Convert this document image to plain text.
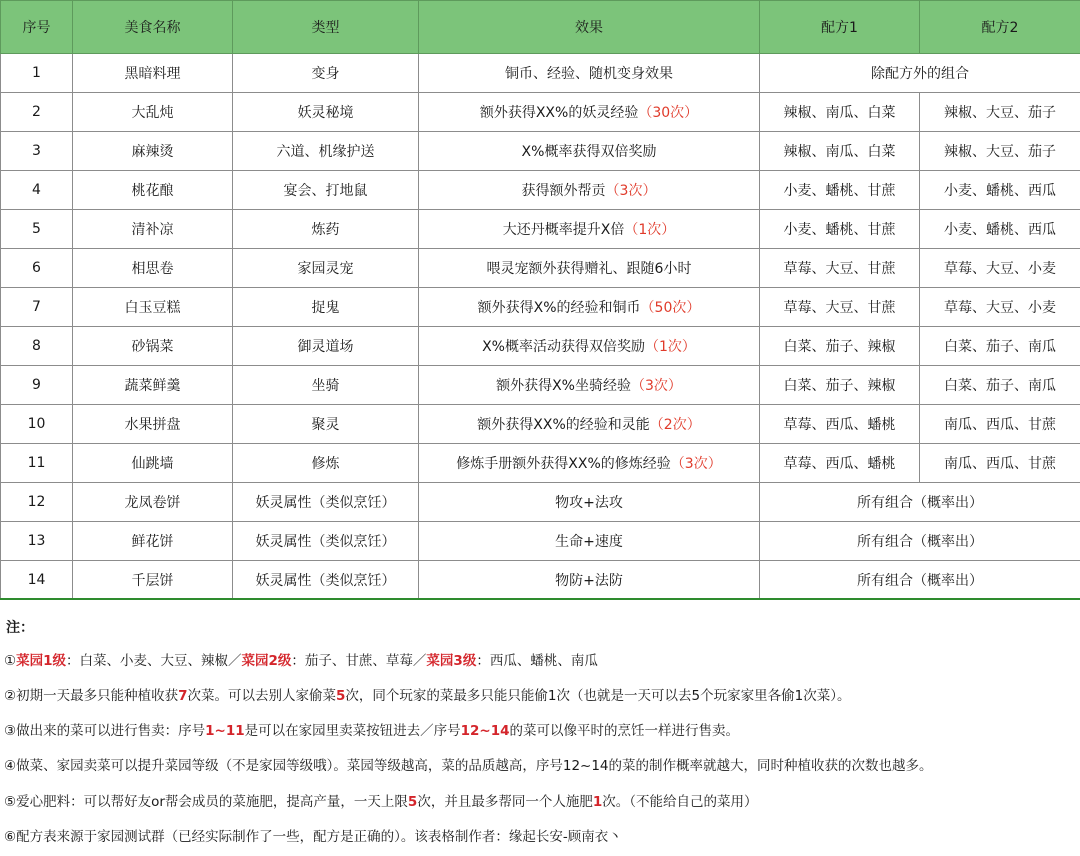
序号	美食名称	类型	效果	配方1	配方2
1	黑暗料理	变身	铜币、经验、随机变身效果	除配方外的组合	
2	大乱炖	妖灵秘境	额外获得XX%的妖灵经验（30次）	辣椒、南瓜、白菜	辣椒、大豆、茄子
3	麻辣烫	六道、机缘护送	X%概率获得双倍奖励	辣椒、南瓜、白菜	辣椒、大豆、茄子
4	桃花酿	宴会、打地鼠	获得额外帮贡（3次）	小麦、蟠桃、甘蔗	小麦、蟠桃、西瓜
5	清补凉	炼药	大还丹概率提升X倍（1次）	小麦、蟠桃、甘蔗	小麦、蟠桃、西瓜
6	相思卷	家园灵宠	喂灵宠额外获得赠礼、跟随6小时	草莓、大豆、甘蔗	草莓、大豆、小麦
7	白玉豆糕	捉鬼	额外获得X%的经验和铜币（50次）	草莓、大豆、甘蔗	草莓、大豆、小麦
8	砂锅菜	御灵道场	X%概率活动获得双倍奖励（1次）	白菜、茄子、辣椒	白菜、茄子、南瓜
9	蔬菜鲜羹	坐骑	额外获得X%坐骑经验（3次）	白菜、茄子、辣椒	白菜、茄子、南瓜
10	水果拼盘	聚灵	额外获得XX%的经验和灵能（2次）	草莓、西瓜、蟠桃	南瓜、西瓜、甘蔗
11	仙跳墙	修炼	修炼手册额外获得XX%的修炼经验（3次）	草莓、西瓜、蟠桃	南瓜、西瓜、甘蔗
12	龙凤卷饼	妖灵属性（类似烹饪）	物攻+法攻	所有组合（概率出）	
13	鲜花饼	妖灵属性（类似烹饪）	生命+速度	所有组合（概率出）	
14	千层饼	妖灵属性（类似烹饪）	物防+法防	所有组合（概率出）	
注：
①菜园1级：白菜、小麦、大豆、辣椒／菜园2级：茄子、甘蔗、草莓／菜园3级：西瓜、蟠桃、南瓜
②初期一天最多只能种植收获7次菜。可以去别人家偷菜5次，同个玩家的菜最多只能只能偷1次（也就是一天可以去5个玩家家里各偷1次菜）。
③做出来的菜可以进行售卖：序号1~11是可以在家园里卖菜按钮进去／序号12~14的菜可以像平时的烹饪一样进行售卖。
④做菜、家园卖菜可以提升菜园等级（不是家园等级哦）。菜园等级越高，菜的品质越高，序号12~14的菜的制作概率就越大，同时种植收获的次数也越多。
⑤爱心肥料：可以帮好友or帮会成员的菜施肥，提高产量，一天上限5次，并且最多帮同一个人施肥1次。（不能给自己的菜用）
⑥配方表来源于家园测试群（已经实际制作了一些，配方是正确的）。该表格制作者：缘起长安-顾南衣丶
